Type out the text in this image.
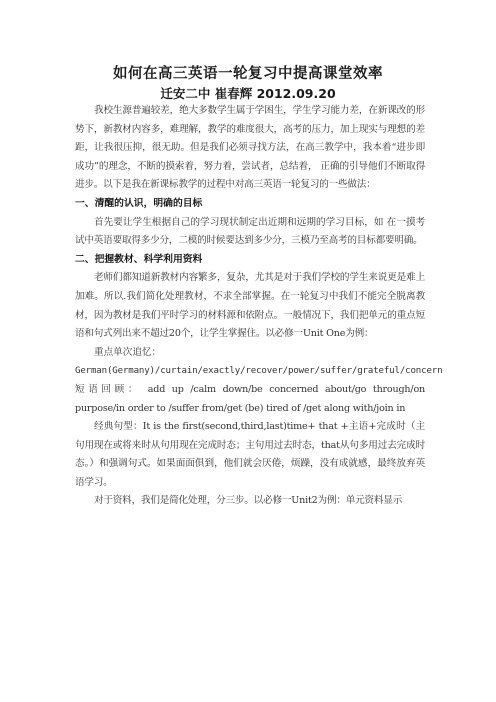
如何在高三英语一轮复习中提高课堂效率
迁安二中 崔春辉 2012.09.20

我校生源普遍较差，绝大多数学生属于学困生，学生学习能力差，在新课改的形势下，新教材内容多，难理解，教学的难度很大，高考的压力，加上现实与理想的差距，让我很压抑，很无助。但是我们必须寻找方法，在高三教学中，我本着“进步即成功”的理念，不断的摸索着，努力着，尝试者，总结着， 正确的引导他们不断取得进步。以下是我在新课标教学的过程中对高三英语一轮复习的一些做法：

一、清醒的认识，明确的目标

首先要让学生根据自己的学习现状制定出近期和远期的学习目标，如 在一摸考试中英语要取得多少分，二模的时候要达到多少分，三模乃至高考的目标都要明确。

二、把握教材、科学利用资料

老师们都知道新教材内容繁多，复杂，尤其是对于我们学校的学生来说更是难上加难。所以.我们简化处理教材，不求全部掌握。在一轮复习中我们不能完全脱离教材，因为教材是我们平时学习的材料源和依附点。一般情况下，我们把单元的重点短语和句式列出来不超过20个，让学生掌握住。以必修一Unit One为例：

重点单次追忆：

German(Germany)/curtain/exactly/recover/power/suffer/grateful/concern

短语回顾： add up /calm down/be concerned about/go through/on purpose/in order to /suffer from/get (be) tired of /get along with/join in

经典句型：It is the first(second,third,last)time+ that +主语+完成时（主句用现在或将来时从句用现在完成时态；主句用过去时态，that从句多用过去完成时态。）和强调句式。如果面面俱到，他们就会厌倦，烦躁，没有成就感，最终放弃英语学习。

对于资料，我们是简化处理，分三步。以必修一Unit2为例：单元资料显示
